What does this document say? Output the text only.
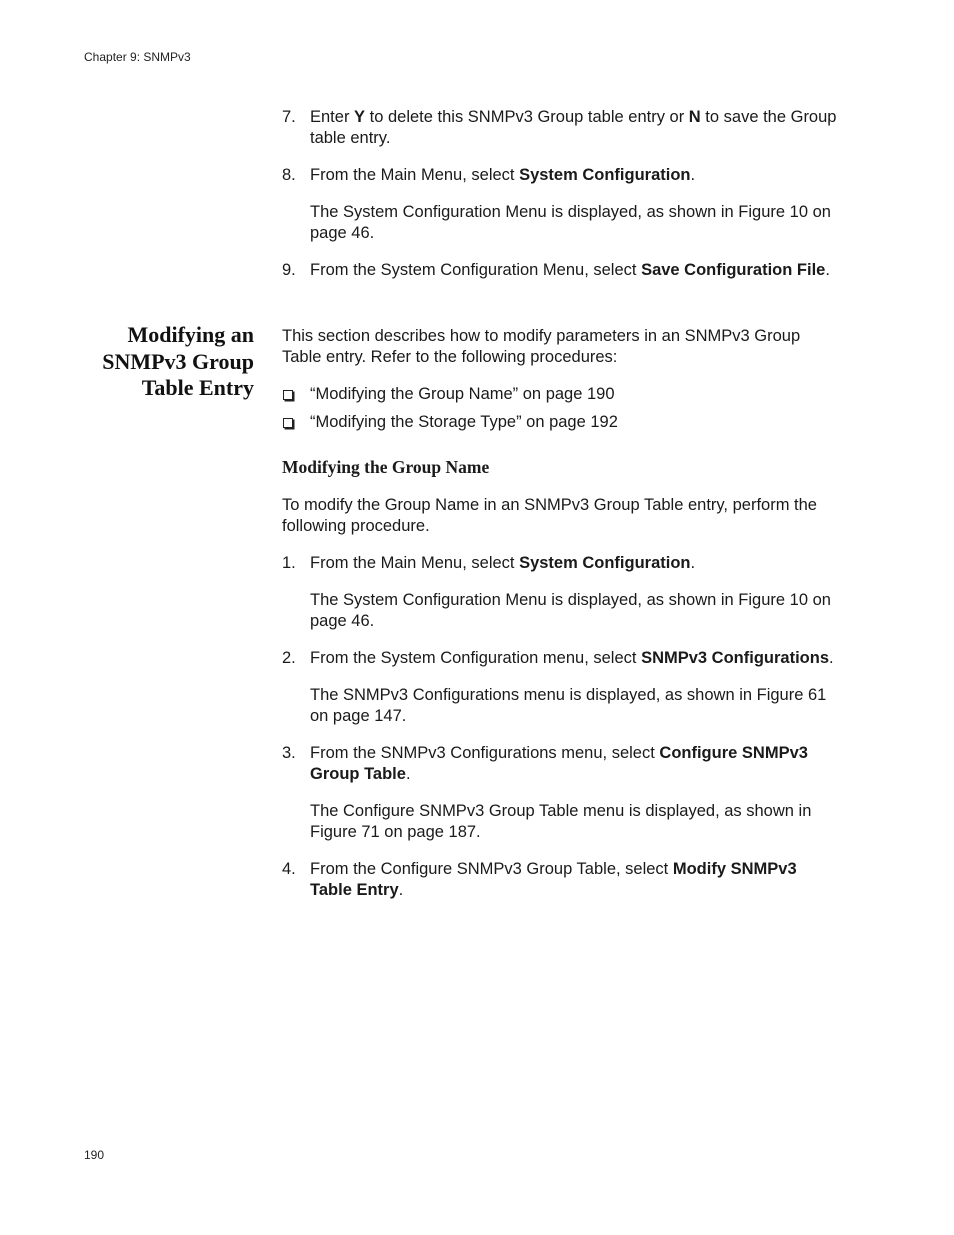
Chapter 9: SNMPv3
7. Enter Y to delete this SNMPv3 Group table entry or N to save the Group table entry.
8. From the Main Menu, select System Configuration.
The System Configuration Menu is displayed, as shown in Figure 10 on page 46.
9. From the System Configuration Menu, select Save Configuration File.
Modifying an
SNMPv3 Group
Table Entry
This section describes how to modify parameters in an SNMPv3 Group Table entry. Refer to the following procedures:
“Modifying the Group Name” on page 190
“Modifying the Storage Type” on page 192
Modifying the Group Name
To modify the Group Name in an SNMPv3 Group Table entry, perform the following procedure.
1. From the Main Menu, select System Configuration.
The System Configuration Menu is displayed, as shown in Figure 10 on page 46.
2. From the System Configuration menu, select SNMPv3 Configurations.
The SNMPv3 Configurations menu is displayed, as shown in Figure 61 on page 147.
3. From the SNMPv3 Configurations menu, select Configure SNMPv3 Group Table.
The Configure SNMPv3 Group Table menu is displayed, as shown in Figure 71 on page 187.
4. From the Configure SNMPv3 Group Table, select Modify SNMPv3 Table Entry.
190
